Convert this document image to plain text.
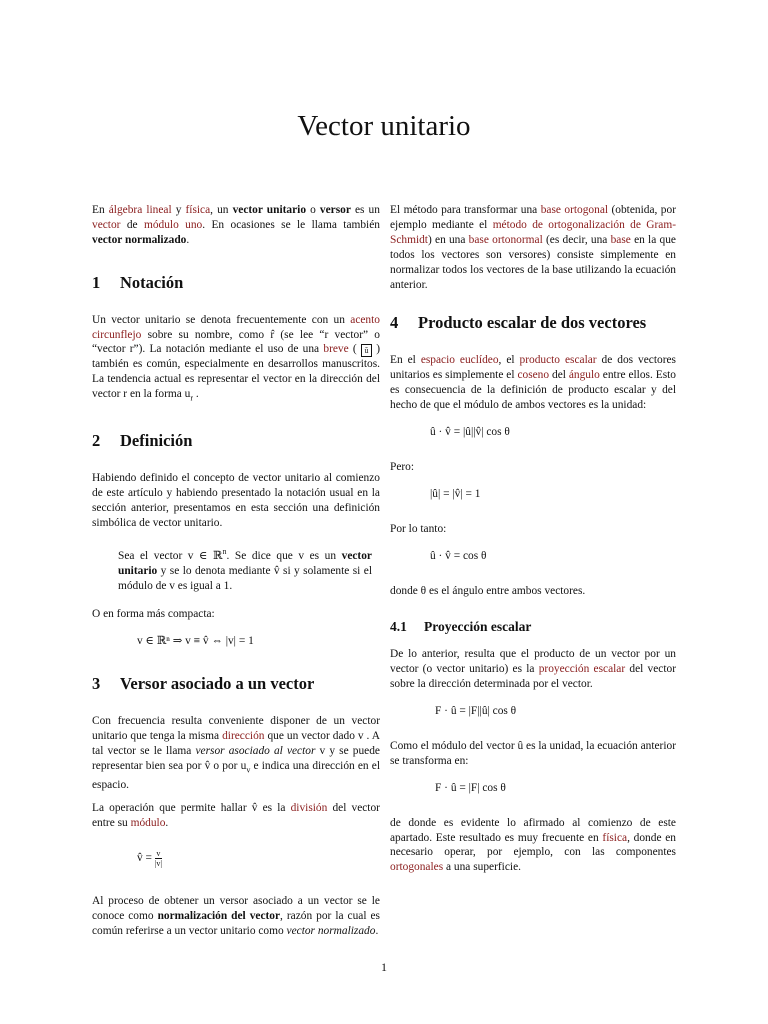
Vector unitario

En álgebra lineal y física, un vector unitario o versor es un vector de módulo uno. En ocasiones se le llama también vector normalizado.

1	Notación

Un vector unitario se denota frecuentemente con un acento circunflejo sobre su nombre, como r̂ (se lee “r vector” o “vector r”). La notación mediante el uso de una breve ( ŭ ) también es común, especialmente en desarrollos manuscritos. La tendencia actual es representar el vector en la dirección del vector r en la forma $u_r$ .

2	Definición

Habiendo definido el concepto de vector unitario al comienzo de este artículo y habiendo presentado la notación usual en la sección anterior, presentamos en esta sección una definición simbólica de vector unitario.

Sea el vector v ∈ ℝ$^n$. Se dice que v es un vector unitario y se lo denota mediante v̂ si y solamente si el módulo de v es igual a 1.

O en forma más compacta:

v ∈ ℝⁿ ⇒ v ≡ v̂ ⇔ |v| = 1
3	Versor asociado a un vector

Con frecuencia resulta conveniente disponer de un vector unitario que tenga la misma dirección que un vector dado v . A tal vector se le llama versor asociado al vector v y se puede representar bien sea por v̂ o por $u_v$ e indica una dirección en el espacio.

La operación que permite hallar v̂ es la división del vector entre su módulo.

v̂ = $\frac{v}{|v|}$

Al proceso de obtener un versor asociado a un vector se le conoce como normalización del vector, razón por la cual es común referirse a un vector unitario como vector normalizado.

El método para transformar una base ortogonal (obtenida, por ejemplo mediante el método de ortogonalización de Gram-Schmidt) en una base ortonormal (es decir, una base en la que todos los vectores son versores) consiste simplemente en normalizar todos los vectores de la base utilizando la ecuación anterior.

4	Producto escalar de dos vectores

En el espacio euclídeo, el producto escalar de dos vectores unitarios es simplemente el coseno del ángulo entre ellos. Esto es consecuencia de la definición de producto escalar y del hecho de que el módulo de ambos vectores es la unidad:

û · v̂ = |û||v̂| cos θ

Pero:

|û| = |v̂| = 1

Por lo tanto:

û · v̂ = cos θ

donde θ es el ángulo entre ambos vectores.

4.1	Proyección escalar

De lo anterior, resulta que el producto de un vector por un vector (o vector unitario) es la proyección escalar del vector sobre la dirección determinada por el vector.

F · û = |F||û| cos θ

Como el módulo del vector û es la unidad, la ecuación anterior se transforma en:

F · û = |F| cos θ

de donde es evidente lo afirmado al comienzo de este apartado. Este resultado es muy frecuente en física, donde en necesario operar, por ejemplo, con las componentes ortogonales a una superficie.

1
